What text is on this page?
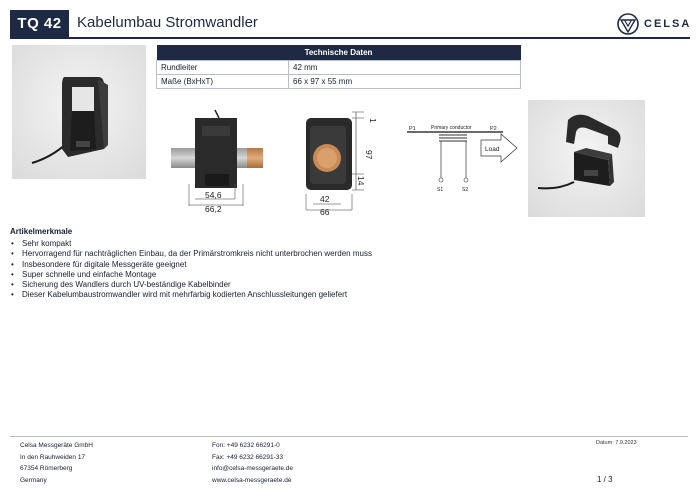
TQ 42	Kabelumbau Stromwandler	CELSA
Technische Daten	
Rundleiter	42 mm
Maße (BxHxT)	66 x 97 x 55 mm
54,6
66,2
1
97
14
42
66
P1	P2
Primary conductor
S1	S2
Load
Artikelmerkmale
• Sehr kompakt
• Hervorragend für nachträglichen Einbau, da der Primärstromkreis nicht unterbrochen werden muss
• Insbesondere für digitale Messgeräte geeignet
• Super schnelle und einfache Montage
• Sicherung des Wandlers durch UV-beständige Kabelbinder
• Dieser Kabelumbaustromwandler wird mit mehrfarbig kodierten Anschlussleitungen geliefert
Celsa Messgeräte GmbH
In den Rauhweiden 17
67354 Römerberg
Germany
Fon: +49 6232 66291-0
Fax: +49 6232 66291-33
info@celsa-messgeraete.de
www.celsa-messgeraete.de
Datum: 7.9.2023
1 / 3
